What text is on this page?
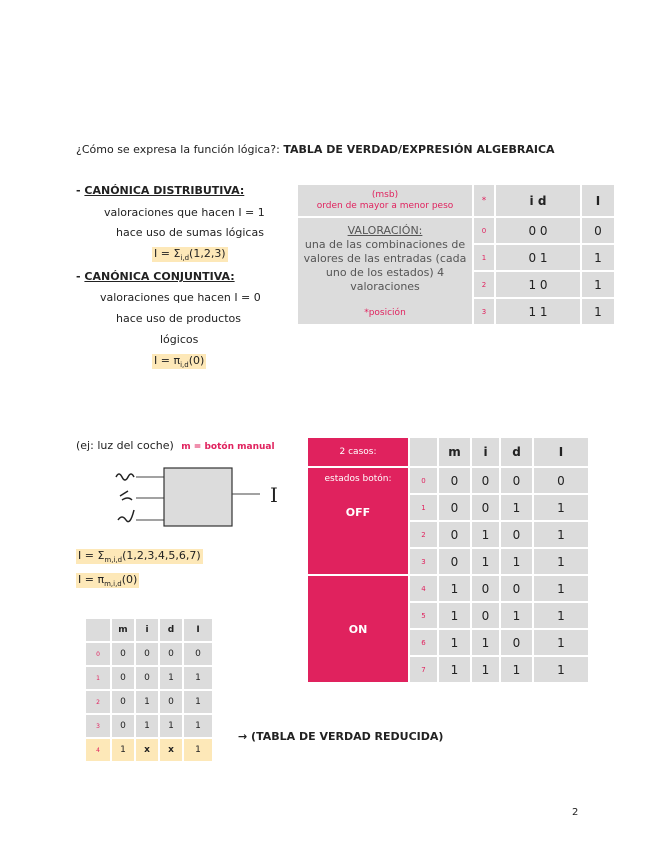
¿Cómo se expresa la función lógica?: TABLA DE VERDAD/EXPRESIÓN ALGEBRAICA
- CANÓNICA DISTRIBUTIVA:
valoraciones que hacen I = 1
hace uso de sumas lógicas
$I = \Sigma_{i,d}(1,2,3)$
- CANÓNICA CONJUNTIVA:
valoraciones que hacen I = 0
hace uso de productos
lógicos
$I = \pi_{i,d}(0)$
(msb)
orden de mayor a menor peso	*	i d	I

VALORACIÓN:
una de las combinaciones de valores de las entradas (cada uno de los estados) 4 valoraciones
*posición	0	0 0	0
	1	0 1	1
	2	1 0	1
	3	1 1	1
(ej: luz del coche) m = botón manual
I
$I = \Sigma_{m,i,d}(1,2,3,4,5,6,7)$
$I = \pi_{m,i,d}(0)$
2 casos:		m	i	d	I

estados botón:
OFF	0	0	0	0	0
	1	0	0	1	1
	2	0	1	0	1
	3	0	1	1	1
ON	4	1	0	0	1
	5	1	0	1	1
	6	1	1	0	1
	7	1	1	1	1
	m	i	d	I
0	0	0	0	0
1	0	0	1	1
2	0	1	0	1
3	0	1	1	1
4	1	x	x	1
→ (TABLA DE VERDAD REDUCIDA)
2
